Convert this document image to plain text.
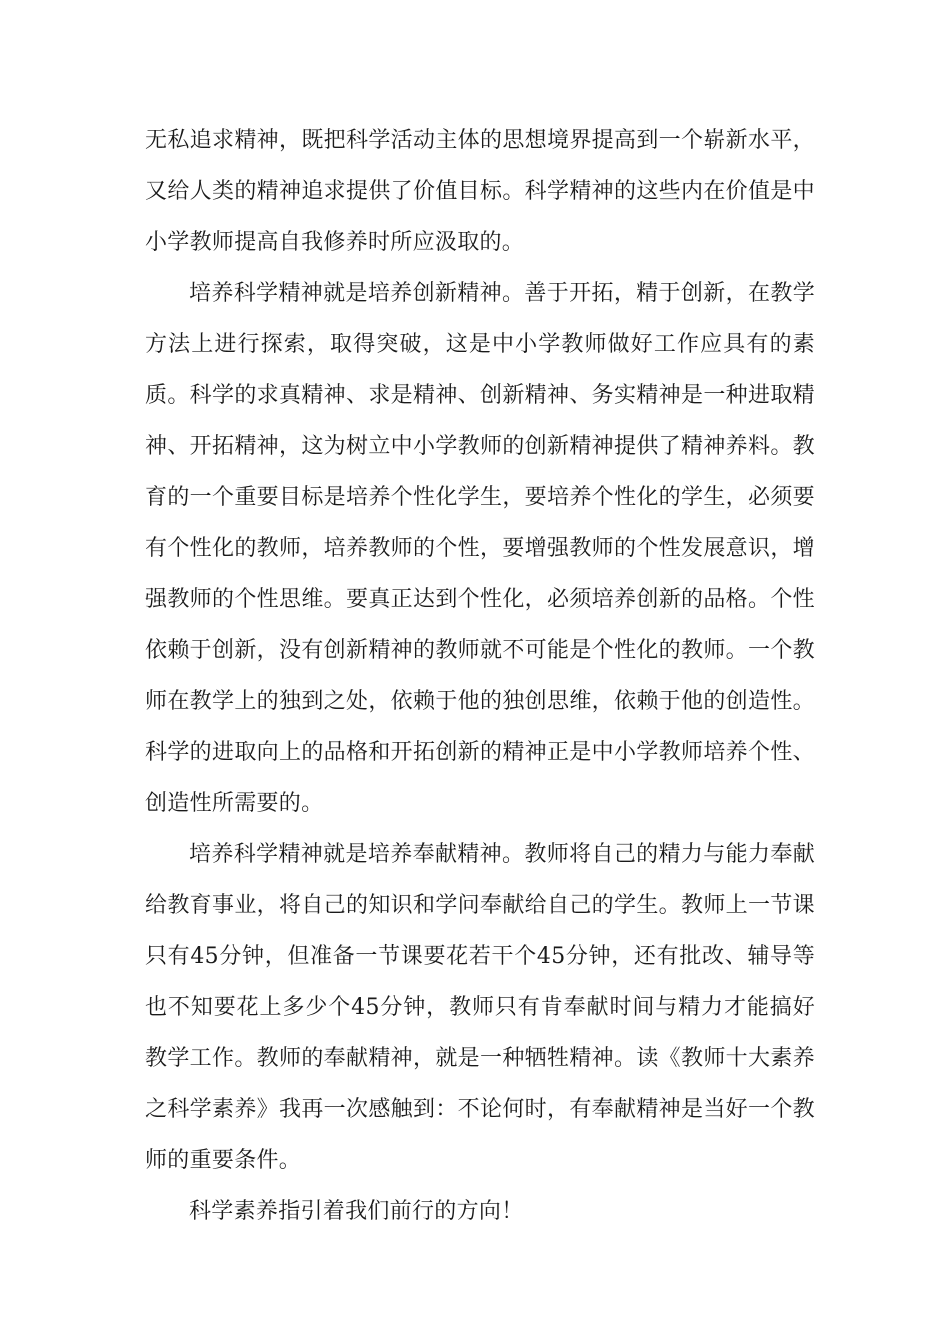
无私追求精神，既把科学活动主体的思想境界提高到一个崭新水平，又给人类的精神追求提供了价值目标。科学精神的这些内在价值是中小学教师提高自我修养时所应汲取的。

培养科学精神就是培养创新精神。善于开拓，精于创新，在教学方法上进行探索，取得突破，这是中小学教师做好工作应具有的素质。科学的求真精神、求是精神、创新精神、务实精神是一种进取精神、开拓精神，这为树立中小学教师的创新精神提供了精神养料。教育的一个重要目标是培养个性化学生，要培养个性化的学生，必须要有个性化的教师，培养教师的个性，要增强教师的个性发展意识，增强教师的个性思维。要真正达到个性化，必须培养创新的品格。个性依赖于创新，没有创新精神的教师就不可能是个性化的教师。一个教师在教学上的独到之处，依赖于他的独创思维，依赖于他的创造性。科学的进取向上的品格和开拓创新的精神正是中小学教师培养个性、创造性所需要的。

培养科学精神就是培养奉献精神。教师将自己的精力与能力奉献给教育事业，将自己的知识和学问奉献给自己的学生。教师上一节课只有45分钟，但准备一节课要花若干个45分钟，还有批改、辅导等也不知要花上多少个45分钟，教师只有肯奉献时间与精力才能搞好教学工作。教师的奉献精神，就是一种牺牲精神。读《教师十大素养之科学素养》我再一次感触到：不论何时，有奉献精神是当好一个教师的重要条件。

科学素养指引着我们前行的方向！
